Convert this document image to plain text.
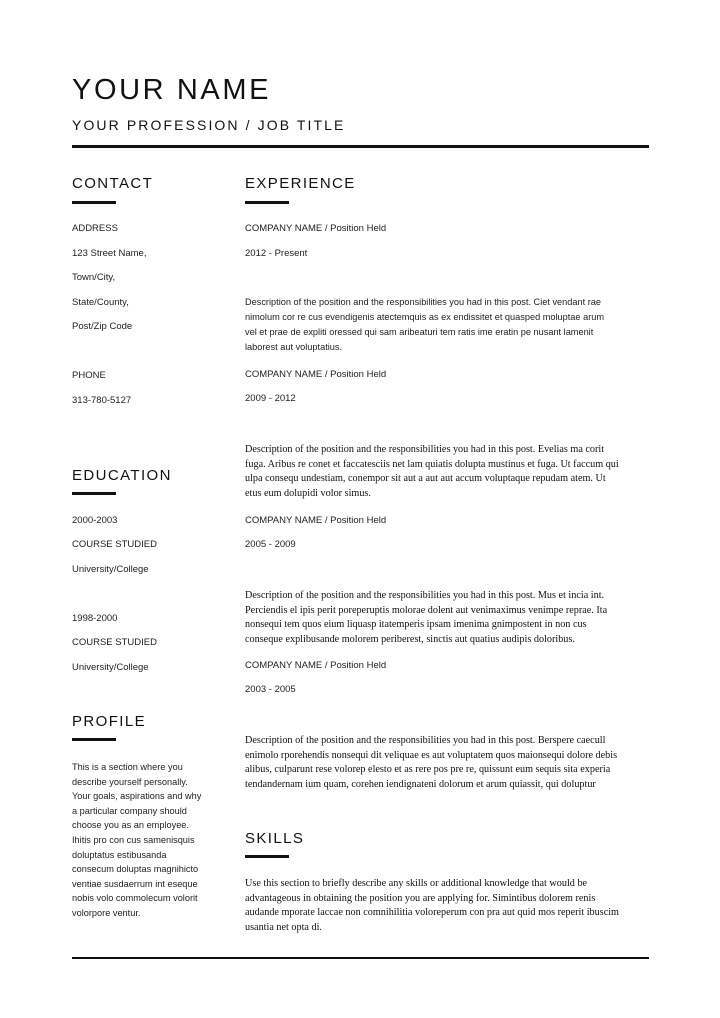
YOUR NAME
YOUR PROFESSION / JOB TITLE
CONTACT
ADDRESS
123 Street Name,
Town/City,
State/County,
Post/Zip Code
PHONE
313-780-5127
EDUCATION
2000-2003
COURSE STUDIED
University/College
1998-2000
COURSE STUDIED
University/College
PROFILE
This is a section where you
describe yourself personally.
Your goals, aspirations and why
a particular company should
choose you as an employee.
Ihitis pro con cus samenisquis
doluptatus estibusanda
consecum doluptas magnihicto
ventiae susdaerrum int eseque
nobis volo commolecum volorit
volorpore ventur.
EXPERIENCE
COMPANY NAME / Position Held
2012 - Present
Description of the position and the responsibilities you had in this post. Ciet vendant rae
nimolum cor re cus evendigenis atectemquis as ex endissitet et quasped moluptae arum
vel et prae de expliti oressed qui sam aribeaturi tem ratis ime eratin pe nusant lamenit
laborest aut voluptatius.
COMPANY NAME / Position Held
2009 - 2012
Description of the position and the responsibilities you had in this post. Evelias ma corit
fuga. Aribus re conet et faccatesciis net lam quiatis dolupta mustinus et fuga. Ut faccum qui
ulpa consequ undestiam, conempor sit aut a aut aut accum voluptaque repudam atem. Ut
etus eum dolupidi volor simus.
COMPANY NAME / Position Held
2005 - 2009
Description of the position and the responsibilities you had in this post. Mus et incia int.
Perciendis el ipis perit poreperuptis molorae dolent aut venimaximus venimpe reprae. Ita
nonsequi tem quos eium liquasp itatemperis ipsam imenima gnimpostent in non cus
conseque explibusande molorem periberest, sinctis aut quatius audipis doloribus.
COMPANY NAME / Position Held
2003 - 2005
Description of the position and the responsibilities you had in this post. Berspere caecull
enimolo rporehendis nonsequi dit veliquae es aut voluptatem quos maionsequi dolore debis
alibus, culparunt rese volorep elesto et as rere pos pre re, quissunt eum sequis sita experia
tendandernam ium quam, corehen iendignateni dolorum et arum quiassit, qui doluptur
SKILLS
Use this section to briefly describe any skills or additional knowledge that would be
advantageous in obtaining the position you are applying for. Simintibus dolorem renis
audande mporate laccae non comnihilitia voloreperum con pra aut quid mos reperit ibuscim
usantia net opta di.
